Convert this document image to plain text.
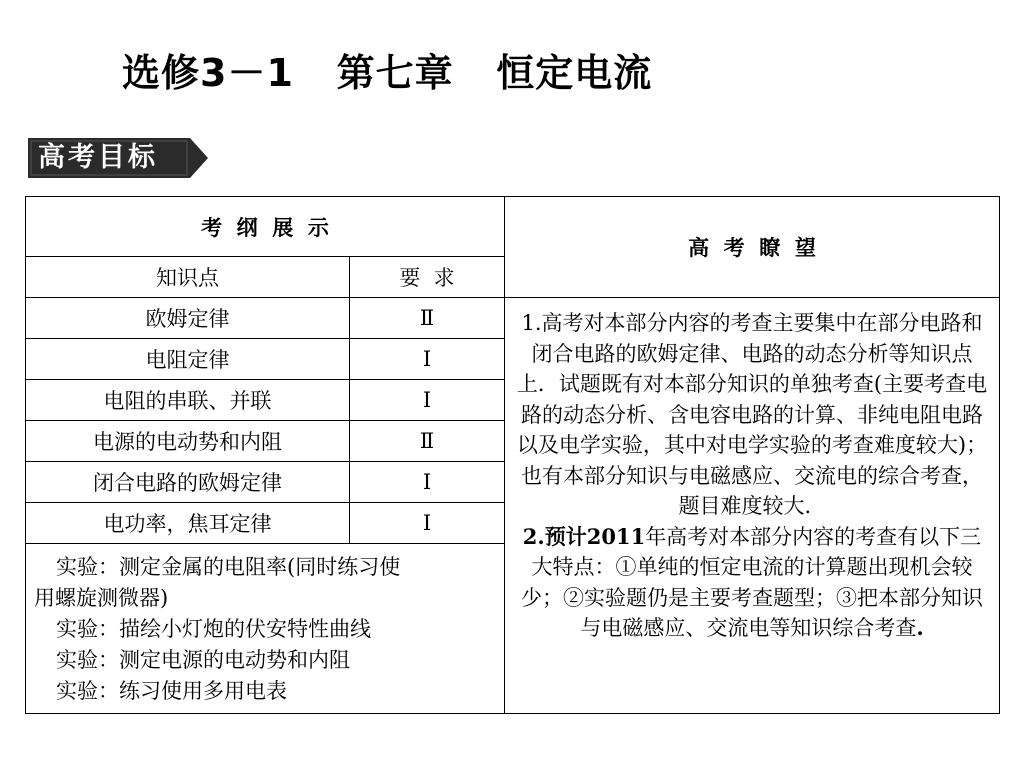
选修3－1   第七章   恒定电流
高考目标
考  纲  展  示		高  考  瞭  望
知识点	要  求	
欧姆定律	Ⅱ	1.高考对本部分内容的考查主要集中在部分电路和闭合电路的欧姆定律、电路的动态分析等知识点上．试题既有对本部分知识的单独考查(主要考查电路的动态分析、含电容电路的计算、非纯电阻电路以及电学实验，其中对电学实验的考查难度较大)；也有本部分知识与电磁感应、交流电的综合考查，题目难度较大．

2.预计2011年高考对本部分内容的考查有以下三大特点：①单纯的恒定电流的计算题出现机会较少；②实验题仍是主要考查题型；③把本部分知识与电磁感应、交流电等知识综合考查.

电阻定律	Ⅰ	
电阻的串联、并联	Ⅰ	
电源的电动势和内阻	Ⅱ	
闭合电路的欧姆定律	Ⅰ	
电功率，焦耳定律	Ⅰ	

实验：测定金属的电阻率(同时练习使
用螺旋测微器)
实验：描绘小灯炮的伏安特性曲线
实验：测定电源的电动势和内阻
实验：练习使用多用电表		
